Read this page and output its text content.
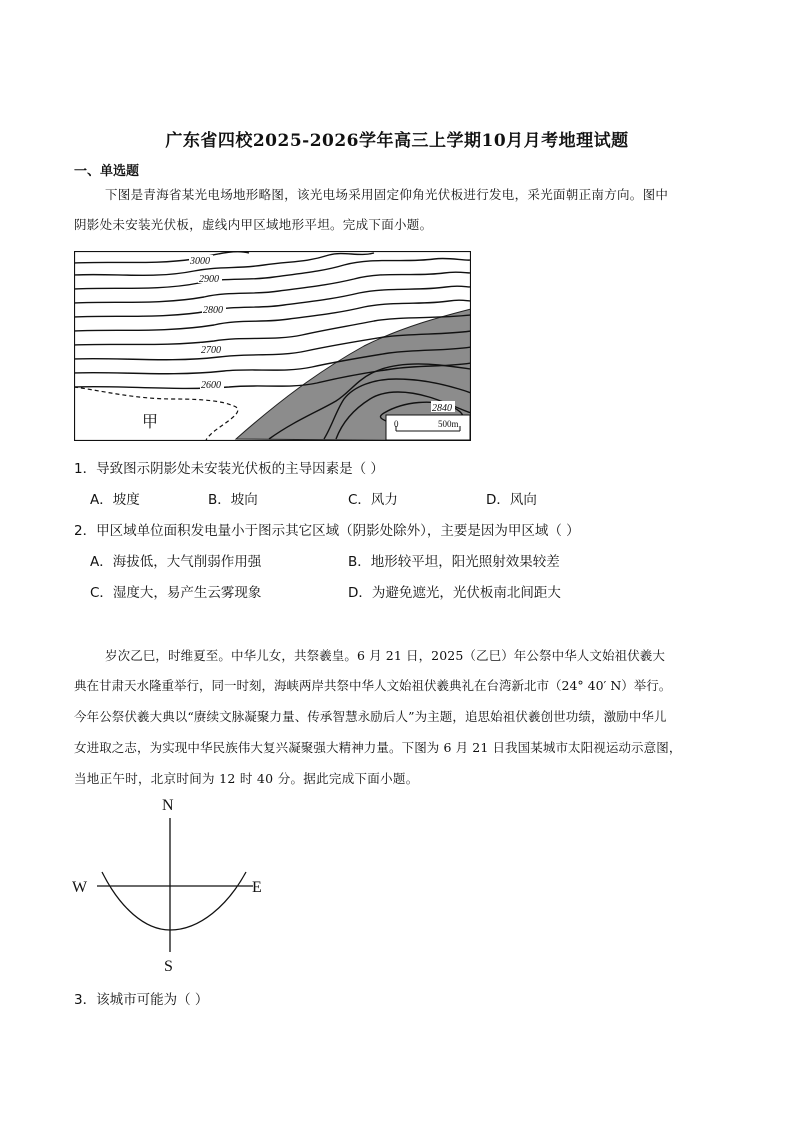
广东省四校2025-2026学年高三上学期10月月考地理试题
一、单选题
下图是青海省某光电场地形略图，该光电场采用固定仰角光伏板进行发电，采光面朝正南方向。图中
阴影处未安装光伏板，虚线内甲区域地形平坦。完成下面小题。
3000
2900
2800
2700
2600
2840
甲	0	500m
1．导致图示阴影处未安装光伏板的主导因素是（ ）
A．坡度	B．坡向	C．风力	D．风向
2．甲区域单位面积发电量小于图示其它区域（阴影处除外），主要是因为甲区域（ ）
A．海拔低，大气削弱作用强	B．地形较平坦，阳光照射效果较差
C．湿度大，易产生云雾现象	D．为避免遮光，光伏板南北间距大
岁次乙巳，时维夏至。中华儿女，共祭羲皇。6 月 21 日，2025（乙巳）年公祭中华人文始祖伏羲大
典在甘肃天水隆重举行，同一时刻，海峡两岸共祭中华人文始祖伏羲典礼在台湾新北市（24° 40′ N）举行。
今年公祭伏羲大典以“赓续文脉凝聚力量、传承智慧永励后人”为主题，追思始祖伏羲创世功绩，激励中华儿
女进取之志，为实现中华民族伟大复兴凝聚强大精神力量。下图为 6 月 21 日我国某城市太阳视运动示意图，
当地正午时，北京时间为 12 时 40 分。据此完成下面小题。
N
S
W	E
3．该城市可能为（ ）
